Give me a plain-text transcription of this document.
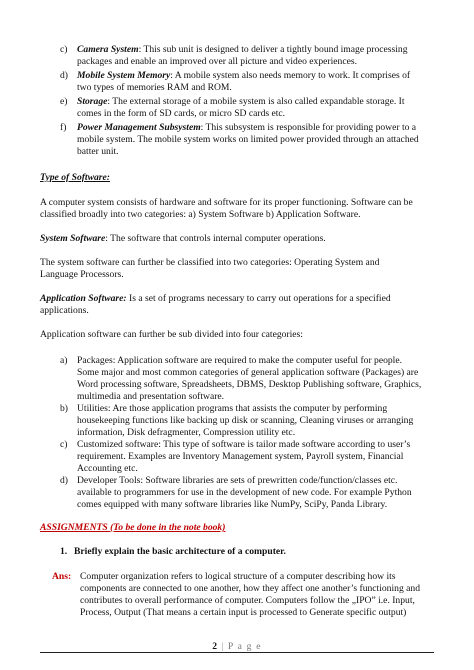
c) Camera System: This sub unit is designed to deliver a tightly bound image processing
packages and enable an improved over all picture and video experiences.
d) Mobile System Memory: A mobile system also needs memory to work. It comprises of
two types of memories RAM and ROM.
e) Storage: The external storage of a mobile system is also called expandable storage. It
comes in the form of SD cards, or micro SD cards etc.
f) Power Management Subsystem: This subsystem is responsible for providing power to a
mobile system. The mobile system works on limited power provided through an attached
batter unit.
Type of Software:
A computer system consists of hardware and software for its proper functioning. Software can be
classified broadly into two categories: a) System Software b) Application Software.
System Software: The software that controls internal computer operations.
The system software can further be classified into two categories: Operating System and
Language Processors.
Application Software: Is a set of programs necessary to carry out operations for a specified
applications.
Application software can further be sub divided into four categories:
a) Packages: Application software are required to make the computer useful for people.
Some major and most common categories of general application software (Packages) are
Word processing software, Spreadsheets, DBMS, Desktop Publishing software, Graphics,
multimedia and presentation software.
b) Utilities: Are those application programs that assists the computer by performing
housekeeping functions like backing up disk or scanning, Cleaning viruses or arranging
information, Disk defragmenter, Compression utility etc.
c) Customized software: This type of software is tailor made software according to user’s
requirement. Examples are Inventory Management system, Payroll system, Financial
Accounting etc.
d) Developer Tools: Software libraries are sets of prewritten code/function/classes etc.
available to programmers for use in the development of new code. For example Python
comes equipped with many software libraries like NumPy, SciPy, Panda Library.
ASSIGNMENTS (To be done in the note book)
1. Briefly explain the basic architecture of a computer.
Ans: Computer organization refers to logical structure of a computer describing how its
components are connected to one another, how they affect one another’s functioning and
contributes to overall performance of computer. Computers follow the „IPO” i.e. Input,
Process, Output (That means a certain input is processed to Generate specific output)
2 | P a g e
